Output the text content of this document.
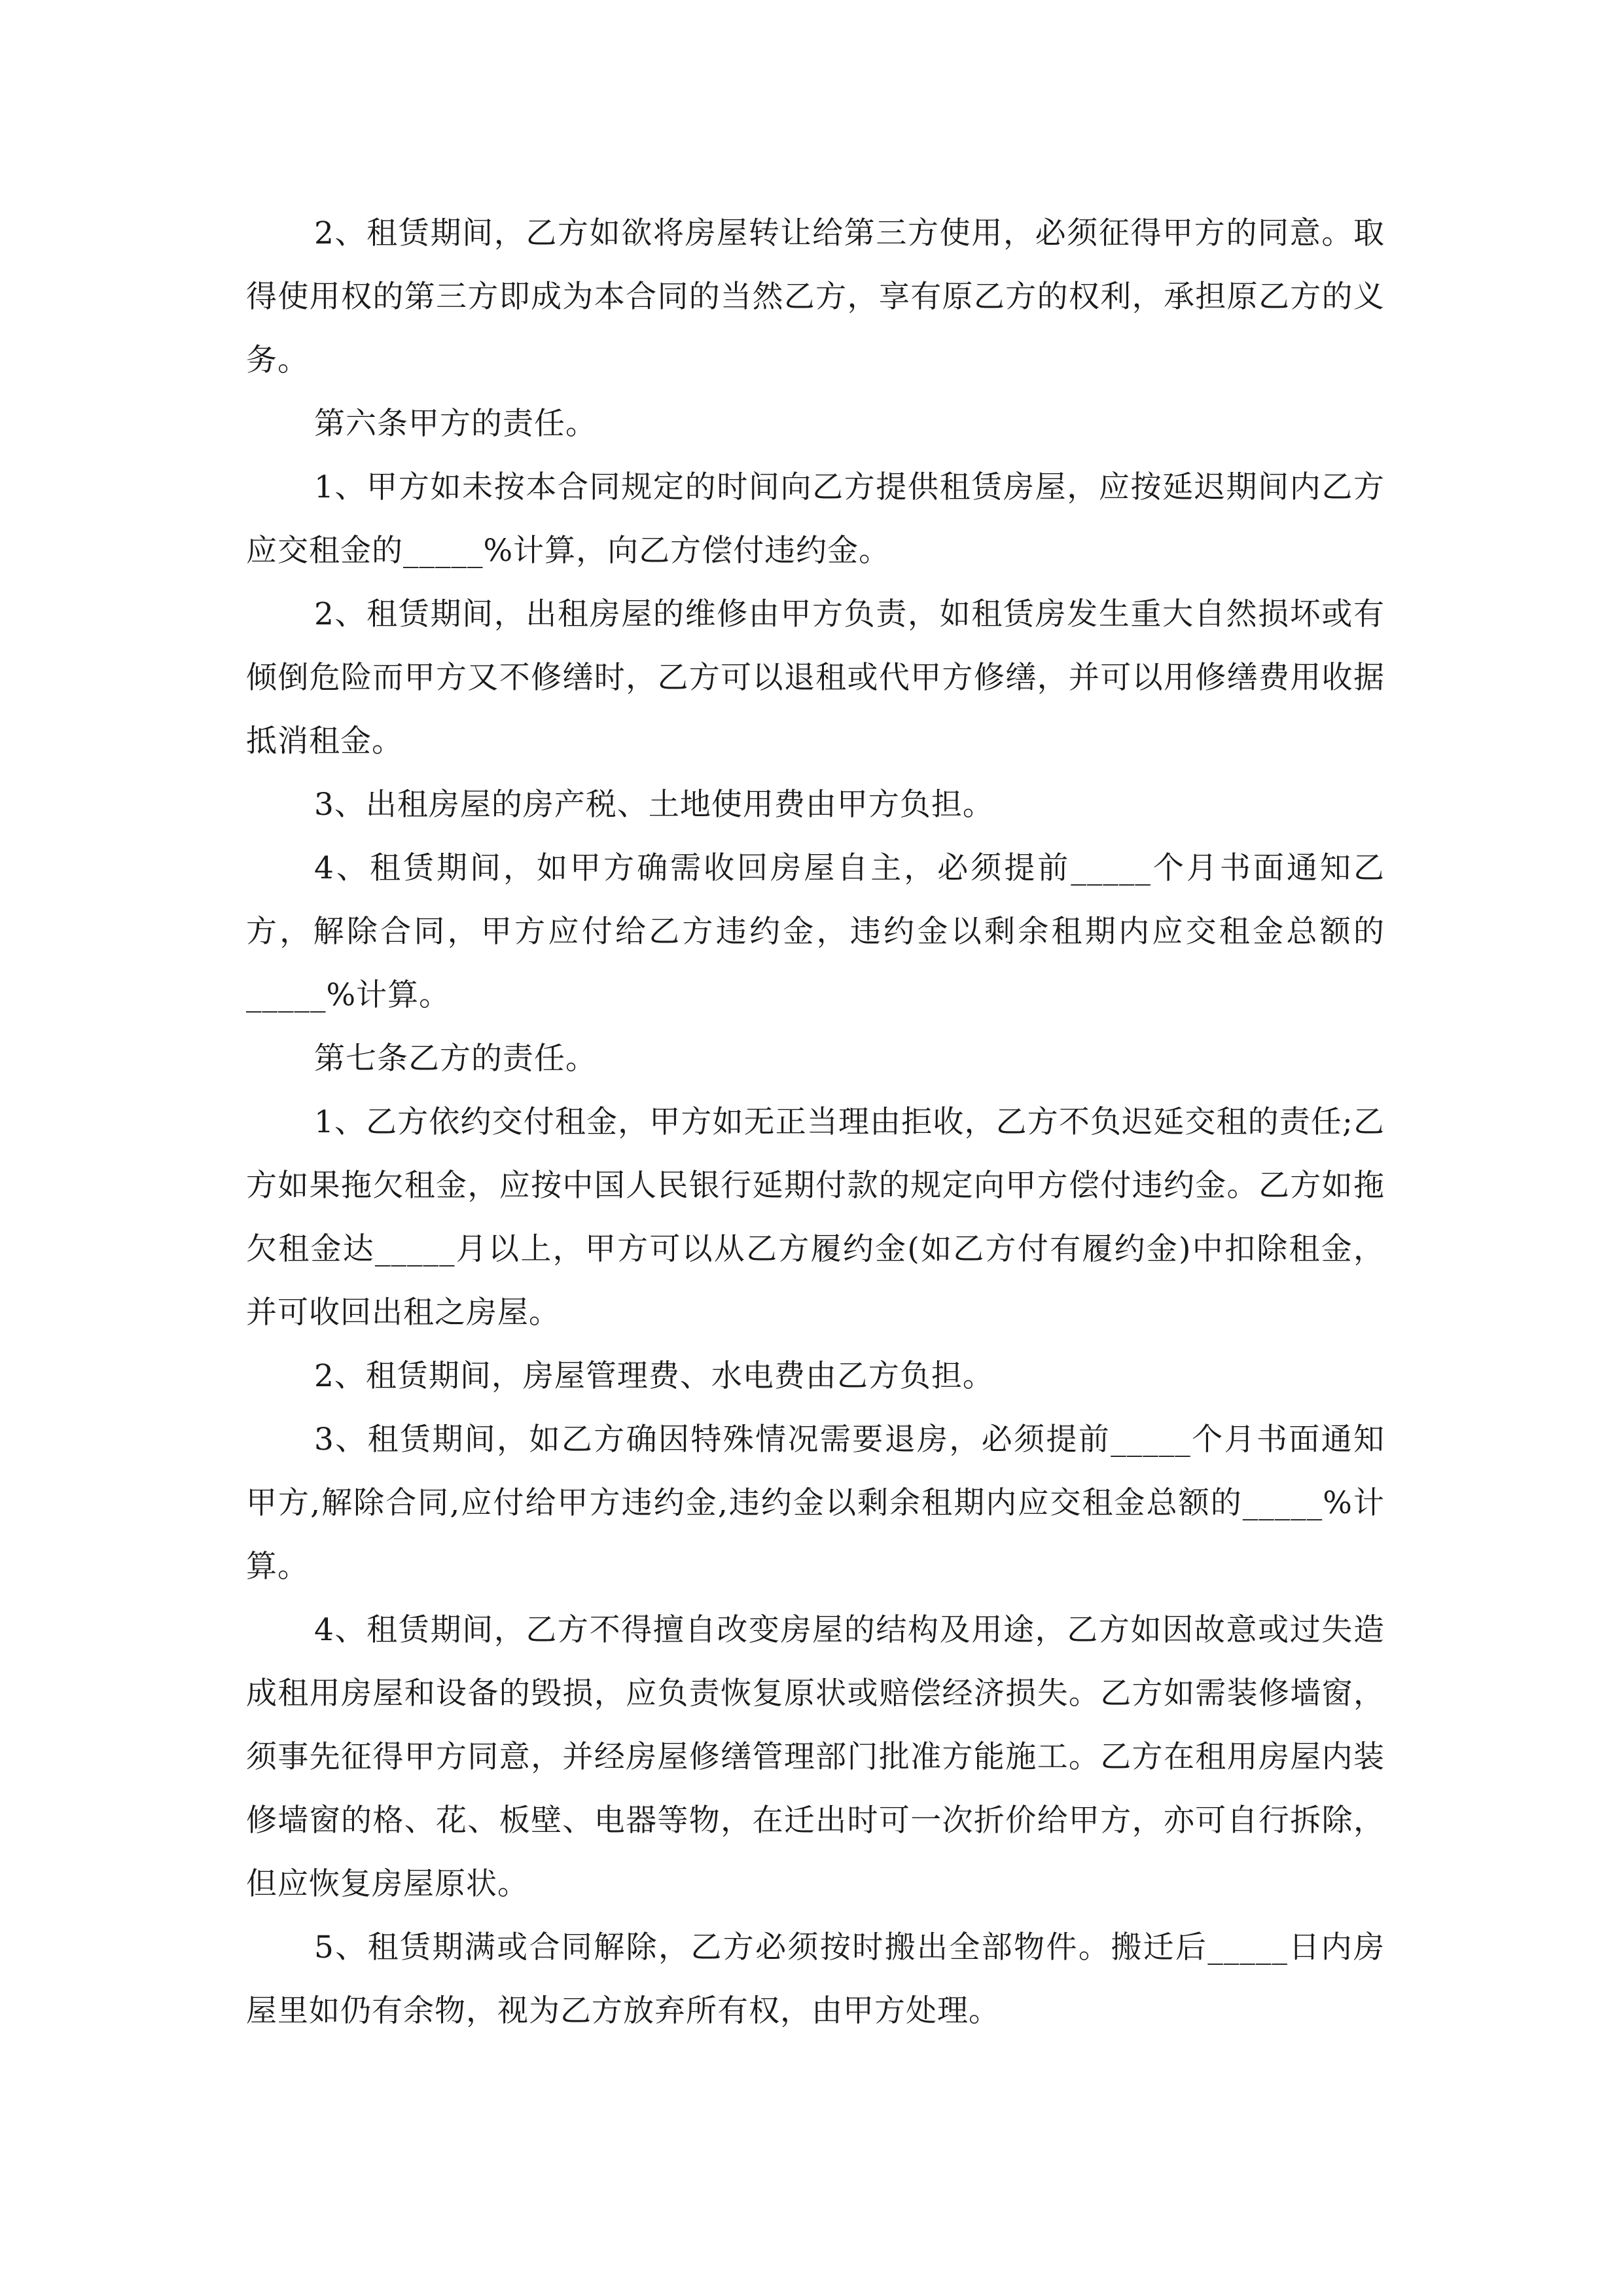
2、租赁期间，乙方如欲将房屋转让给第三方使用，必须征得甲方的同意。取得使用权的第三方即成为本合同的当然乙方，享有原乙方的权利，承担原乙方的义务。

第六条甲方的责任。

1、甲方如未按本合同规定的时间向乙方提供租赁房屋，应按延迟期间内乙方应交租金的_____%计算，向乙方偿付违约金。

2、租赁期间，出租房屋的维修由甲方负责，如租赁房发生重大自然损坏或有倾倒危险而甲方又不修缮时，乙方可以退租或代甲方修缮，并可以用修缮费用收据抵消租金。

3、出租房屋的房产税、土地使用费由甲方负担。

4、租赁期间，如甲方确需收回房屋自主，必须提前_____个月书面通知乙方，解除合同，甲方应付给乙方违约金，违约金以剩余租期内应交租金总额的_____%计算。

第七条乙方的责任。

1、乙方依约交付租金，甲方如无正当理由拒收，乙方不负迟延交租的责任;乙方如果拖欠租金，应按中国人民银行延期付款的规定向甲方偿付违约金。乙方如拖欠租金达_____月以上，甲方可以从乙方履约金(如乙方付有履约金)中扣除租金，并可收回出租之房屋。

2、租赁期间，房屋管理费、水电费由乙方负担。

3、租赁期间，如乙方确因特殊情况需要退房，必须提前_____个月书面通知甲方,解除合同,应付给甲方违约金,违约金以剩余租期内应交租金总额的_____%计算。

4、租赁期间，乙方不得擅自改变房屋的结构及用途，乙方如因故意或过失造成租用房屋和设备的毁损，应负责恢复原状或赔偿经济损失。乙方如需装修墙窗，须事先征得甲方同意，并经房屋修缮管理部门批准方能施工。乙方在租用房屋内装修墙窗的格、花、板壁、电器等物，在迁出时可一次折价给甲方，亦可自行拆除，但应恢复房屋原状。

5、租赁期满或合同解除，乙方必须按时搬出全部物件。搬迁后_____日内房屋里如仍有余物，视为乙方放弃所有权，由甲方处理。
